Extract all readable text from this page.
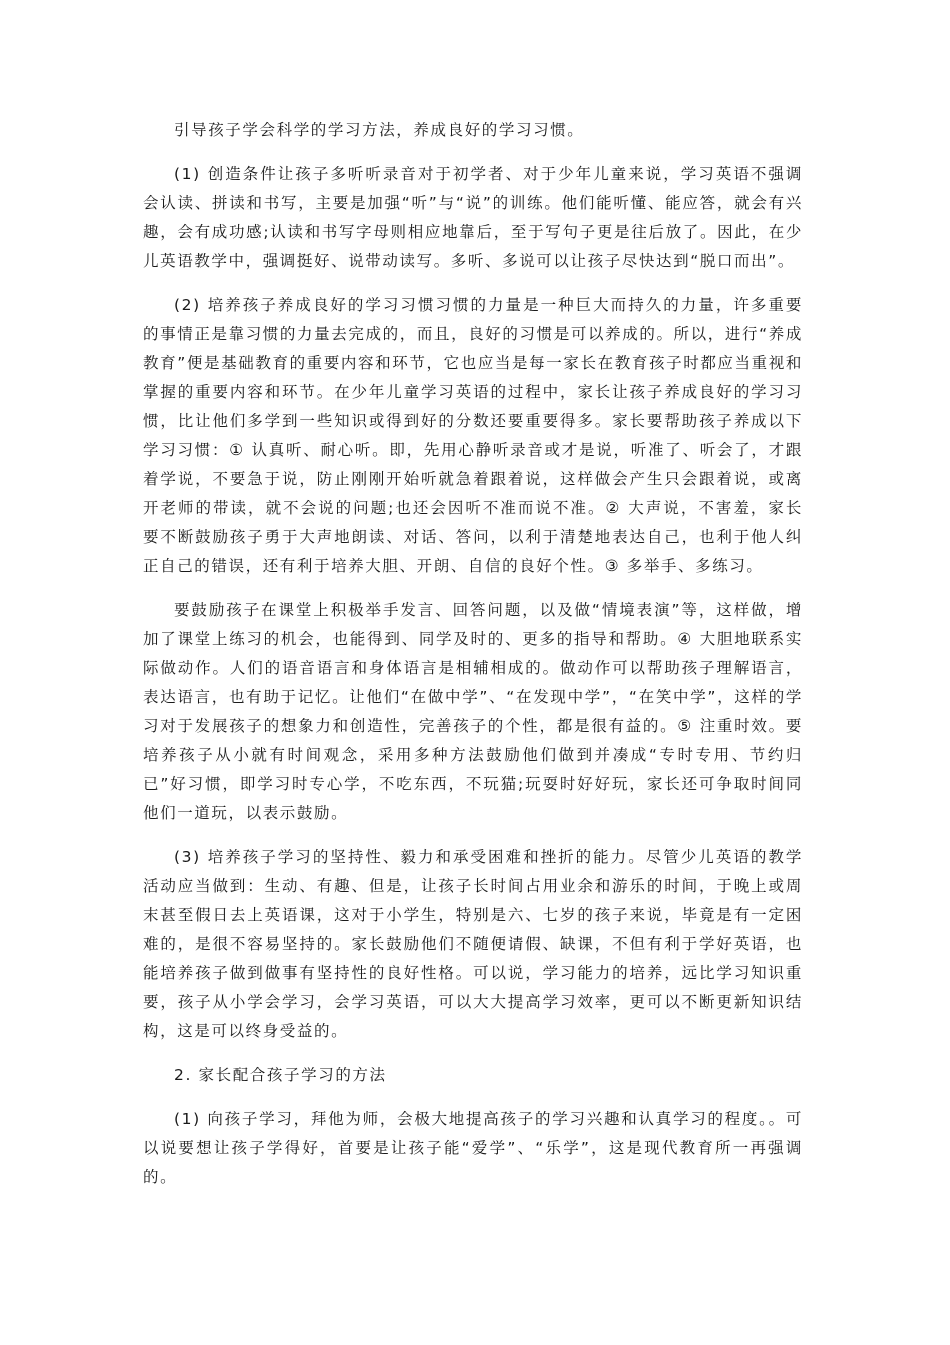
引导孩子学会科学的学习方法，养成良好的学习习惯。

(1) 创造条件让孩子多听听录音对于初学者、对于少年儿童来说，学习英语不强调会认读、拼读和书写，主要是加强“听”与“说”的训练。他们能听懂、能应答，就会有兴趣，会有成功感;认读和书写字母则相应地靠后，至于写句子更是往后放了。因此，在少儿英语教学中，强调挺好、说带动读写。多听、多说可以让孩子尽快达到“脱口而出”。

(2) 培养孩子养成良好的学习习惯习惯的力量是一种巨大而持久的力量，许多重要的事情正是靠习惯的力量去完成的，而且，良好的习惯是可以养成的。所以，进行“养成教育”便是基础教育的重要内容和环节，它也应当是每一家长在教育孩子时都应当重视和掌握的重要内容和环节。在少年儿童学习英语的过程中，家长让孩子养成良好的学习习惯，比让他们多学到一些知识或得到好的分数还要重要得多。家长要帮助孩子养成以下学习习惯：① 认真听、耐心听。即，先用心静听录音或才是说，听准了、听会了，才跟着学说，不要急于说，防止刚刚开始听就急着跟着说，这样做会产生只会跟着说，或离开老师的带读，就不会说的问题;也还会因听不准而说不准。② 大声说，不害羞，家长要不断鼓励孩子勇于大声地朗读、对话、答问，以利于清楚地表达自己，也利于他人纠正自己的错误，还有利于培养大胆、开朗、自信的良好个性。③ 多举手、多练习。

要鼓励孩子在课堂上积极举手发言、回答问题，以及做“情境表演”等，这样做，增加了课堂上练习的机会，也能得到、同学及时的、更多的指导和帮助。④ 大胆地联系实际做动作。人们的语音语言和身体语言是相辅相成的。做动作可以帮助孩子理解语言，表达语言，也有助于记忆。让他们“在做中学”、“在发现中学”，“在笑中学”，这样的学习对于发展孩子的想象力和创造性，完善孩子的个性，都是很有益的。⑤ 注重时效。要培养孩子从小就有时间观念，采用多种方法鼓励他们做到并凑成“专时专用、节约归已”好习惯，即学习时专心学，不吃东西，不玩猫;玩耍时好好玩，家长还可争取时间同他们一道玩，以表示鼓励。

(3) 培养孩子学习的坚持性、毅力和承受困难和挫折的能力。尽管少儿英语的教学活动应当做到：生动、有趣、但是，让孩子长时间占用业余和游乐的时间，于晚上或周末甚至假日去上英语课，这对于小学生，特别是六、七岁的孩子来说，毕竟是有一定困难的，是很不容易坚持的。家长鼓励他们不随便请假、缺课，不但有利于学好英语，也能培养孩子做到做事有坚持性的良好性格。可以说，学习能力的培养，远比学习知识重要，孩子从小学会学习，会学习英语，可以大大提高学习效率，更可以不断更新知识结构，这是可以终身受益的。

2. 家长配合孩子学习的方法

(1) 向孩子学习，拜他为师，会极大地提高孩子的学习兴趣和认真学习的程度。。可以说要想让孩子学得好，首要是让孩子能“爱学”、“乐学”，这是现代教育所一再强调的。
